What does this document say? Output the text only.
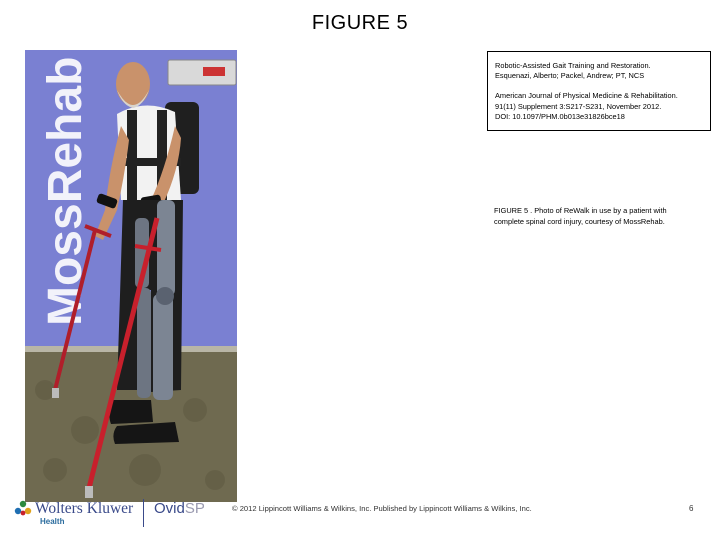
FIGURE 5
MossRehab	Robotic-Assisted Gait Training and Restoration.
Esquenazi, Alberto; Packel, Andrew; PT, NCS

American Journal of Physical Medicine & Rehabilitation.
91(11) Supplement 3:S217-S231, November 2012.
DOI: 10.1097/PHM.0b013e31826bce18

FIGURE 5 . Photo of ReWalk in use by a patient with
complete spinal cord injury, courtesy of MossRehab.
Wolters Kluwer
Health
OvidSP	© 2012 Lippincott Williams & Wilkins, Inc. Published by Lippincott Williams & Wilkins, Inc.	6
